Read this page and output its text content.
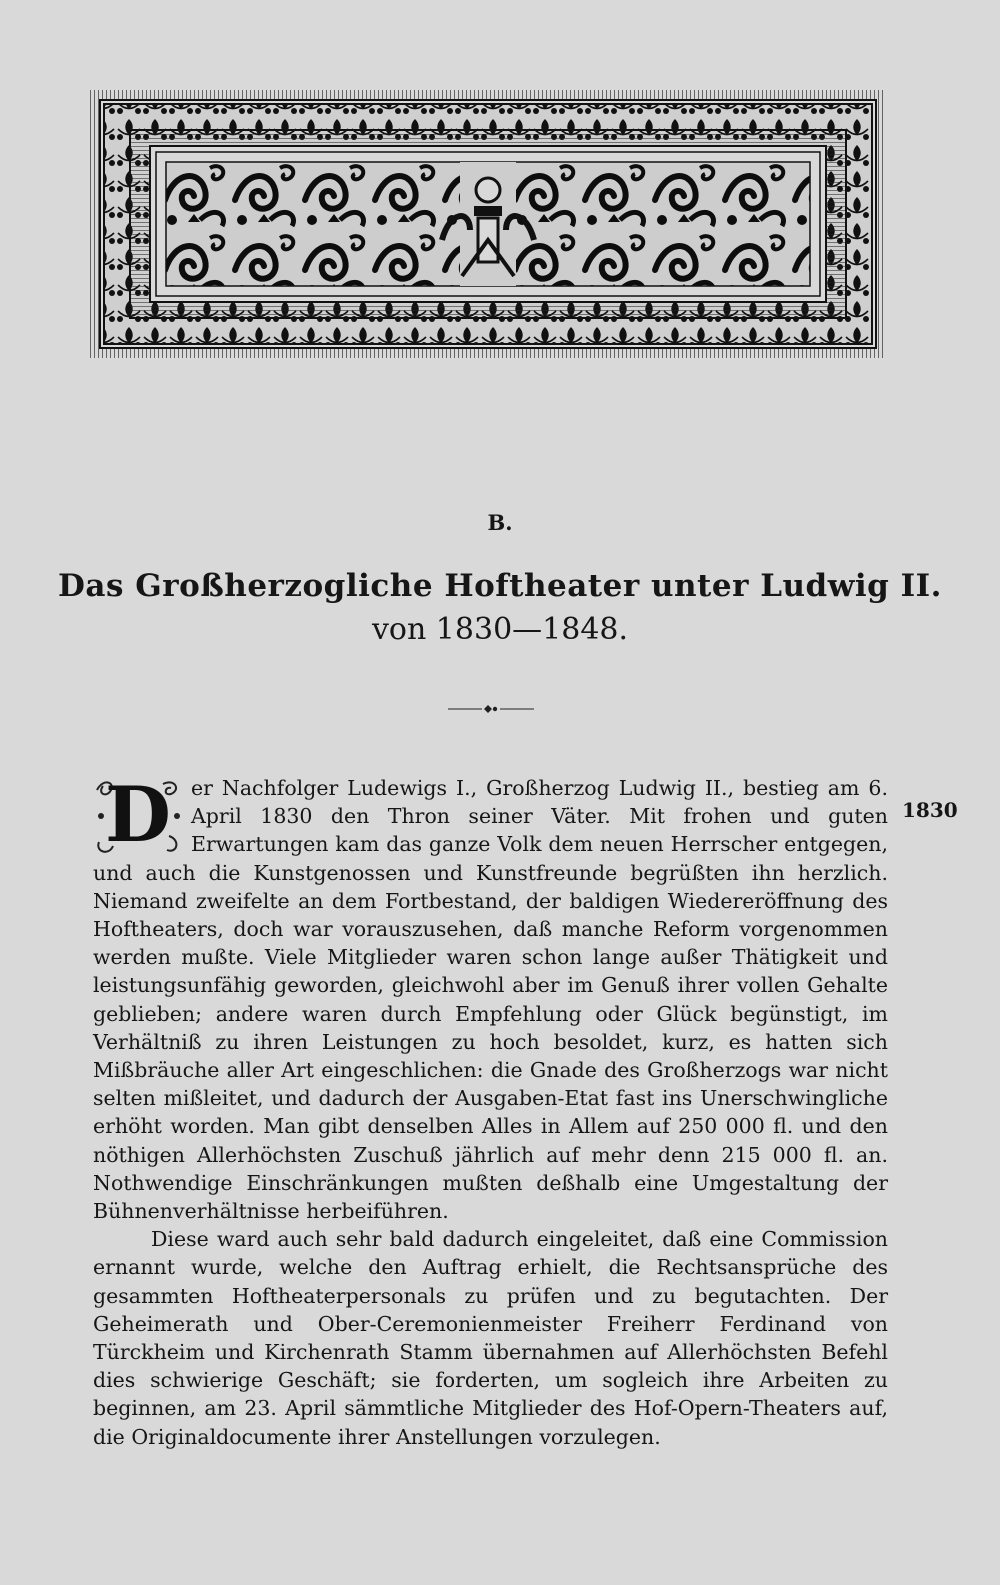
B.
Das Großherzogliche Hoftheater unter Ludwig II.
von 1830—1848.

D er Nachfolger Ludewigs I., Großherzog Ludwig II., bestieg am 6. April 1830 den Thron seiner Väter. Mit frohen und guten Erwartungen kam das ganze Volk dem neuen Herrscher entgegen, und auch die Kunstgenossen und Kunstfreunde begrüßten ihn herzlich. Niemand zweifelte an dem Fortbestand, der baldigen Wiedereröffnung des Hoftheaters, doch war vorauszusehen, daß manche Reform vorgenommen werden mußte. Viele Mitglieder waren schon lange außer Thätigkeit und leistungsunfähig geworden, gleichwohl aber im Genuß ihrer vollen Gehalte geblieben; andere waren durch Empfehlung oder Glück begünstigt, im Verhältniß zu ihren Leistungen zu hoch besoldet, kurz, es hatten sich Mißbräuche aller Art eingeschlichen: die Gnade des Großherzogs war nicht selten mißleitet, und dadurch der Ausgaben-Etat fast ins Unerschwingliche erhöht worden. Man gibt denselben Alles in Allem auf 250 000 fl. und den nöthigen Allerhöchsten Zuschuß jährlich auf mehr denn 215 000 fl. an. Nothwendige Einschränkungen mußten deßhalb eine Umgestaltung der Bühnenverhältnisse herbeiführen.

Diese ward auch sehr bald dadurch eingeleitet, daß eine Commission ernannt wurde, welche den Auftrag erhielt, die Rechtsansprüche des gesammten Hoftheaterpersonals zu prüfen und zu begutachten. Der Geheimerath und Ober-Ceremonienmeister Freiherr Ferdinand von Türckheim und Kirchenrath Stamm übernahmen auf Allerhöchsten Befehl dies schwierige Geschäft; sie forderten, um sogleich ihre Arbeiten zu beginnen, am 23. April sämmtliche Mitglieder des Hof-Opern-Theaters auf, die Originaldocumente ihrer Anstellungen vorzulegen.

1830
